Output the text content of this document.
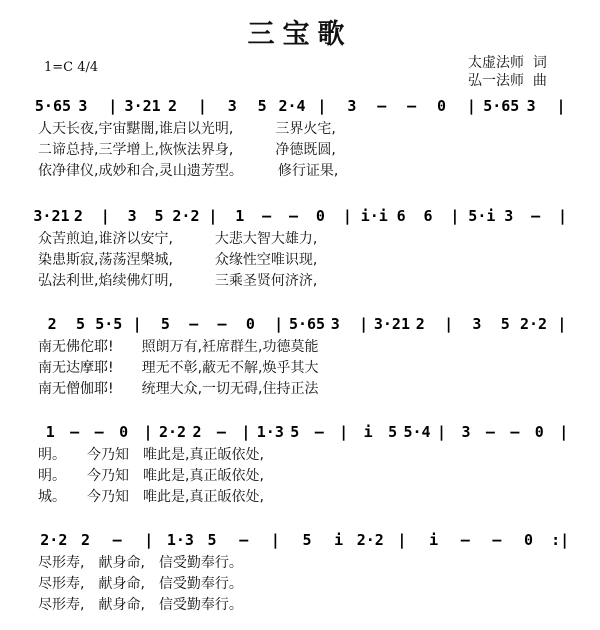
三宝歌
1=C 4/4	太虚法师  词
弘一法师  曲
5·65 3 | 3·21 2 | 3 5 2·4 | 3 – – 0 | 5·65 3 |
人天长夜,宇宙黮闇,谁启以光明,　　　三界火宅,
二谛总持,三学增上,恢恢法界身,　　　净德既圆,
依净律仪,成妙和合,灵山遗芳型。　　　修行证果,
3·21 2 | 3 5 2·2 | 1 – – 0 | i·i 6 6 | 5·i 3 – |
众苦煎迫,谁济以安宁,　　　大悲大智大雄力,
染患斯寂,荡荡涅槃城,　　　众缘性空唯识现,
弘法利世,焰续佛灯明,　　　三乘圣贤何济济,
2 5 5·5 | 5 – – 0 | 5·65 3 | 3·21 2 | 3 5 2·2 |
南无佛佗耶!　　照朗万有,衽席群生,功德莫能
南无达摩耶!　　理无不彰,蔽无不解,焕乎其大
南无僧伽耶!　　统理大众,一切无碍,住持正法
1 – – 0 | 2·2 2 – | 1·3 5 – | i 5 5·4 | 3 – – 0 |
明。　　今乃知　唯此是,真正皈依处,
明。　　今乃知　唯此是,真正皈依处,
城。　　今乃知　唯此是,真正皈依处,
2·2 2 – | 1·3 5 – | 5 i 2·2 | i – – 0 :|
尽形寿,　献身命,　信受勤奉行。
尽形寿,　献身命,　信受勤奉行。
尽形寿,　献身命,　信受勤奉行。
